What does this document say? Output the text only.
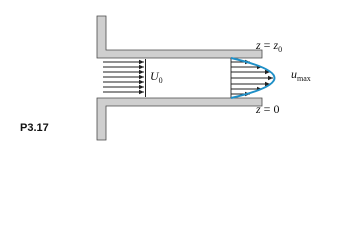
$U_0$
$z = z_0$
z = 0
$u_{max}$
P3.17
